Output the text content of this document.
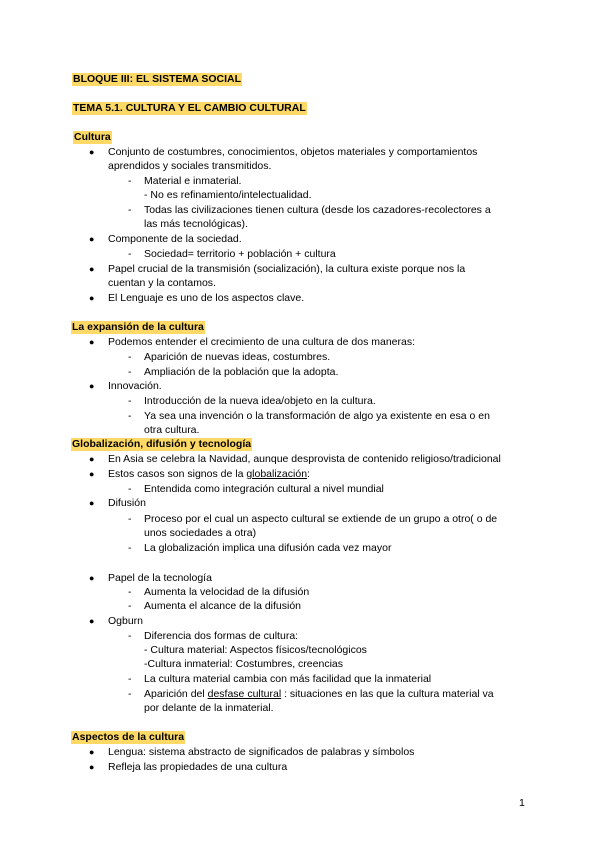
BLOQUE III: EL SISTEMA SOCIAL
TEMA 5.1. CULTURA Y EL CAMBIO CULTURAL
Cultura
● Conjunto de costumbres, conocimientos, objetos materiales y comportamientos
aprendidos y sociales transmitidos.
- Material e inmaterial.
- No es refinamiento/intelectualidad.
- Todas las civilizaciones tienen cultura (desde los cazadores-recolectores a
las más tecnológicas).
● Componente de la sociedad.
- Sociedad= territorio + población + cultura
● Papel crucial de la transmisión (socialización), la cultura existe porque nos la
cuentan y la contamos.
● El Lenguaje es uno de los aspectos clave.
La expansión de la cultura
● Podemos entender el crecimiento de una cultura de dos maneras:
- Aparición de nuevas ideas, costumbres.
- Ampliación de la población que la adopta.
● Innovación.
- Introducción de la nueva idea/objeto en la cultura.
- Ya sea una invención o la transformación de algo ya existente en esa o en
otra cultura.
Globalización, difusión y tecnología
● En Asia se celebra la Navidad, aunque desprovista de contenido religioso/tradicional
● Estos casos son signos de la globalización:
- Entendida como integración cultural a nivel mundial
● Difusión
- Proceso por el cual un aspecto cultural se extiende de un grupo a otro( o de
unos sociedades a otra)
- La globalización implica una difusión cada vez mayor
● Papel de la tecnología
- Aumenta la velocidad de la difusión
- Aumenta el alcance de la difusión
● Ogburn
- Diferencia dos formas de cultura:
- Cultura material: Aspectos físicos/tecnológicos
-Cultura inmaterial: Costumbres, creencias
- La cultura material cambia con más facilidad que la inmaterial
- Aparición del desfase cultural : situaciones en las que la cultura material va
por delante de la inmaterial.
Aspectos de la cultura
● Lengua: sistema abstracto de significados de palabras y símbolos
● Refleja las propiedades de una cultura
1
